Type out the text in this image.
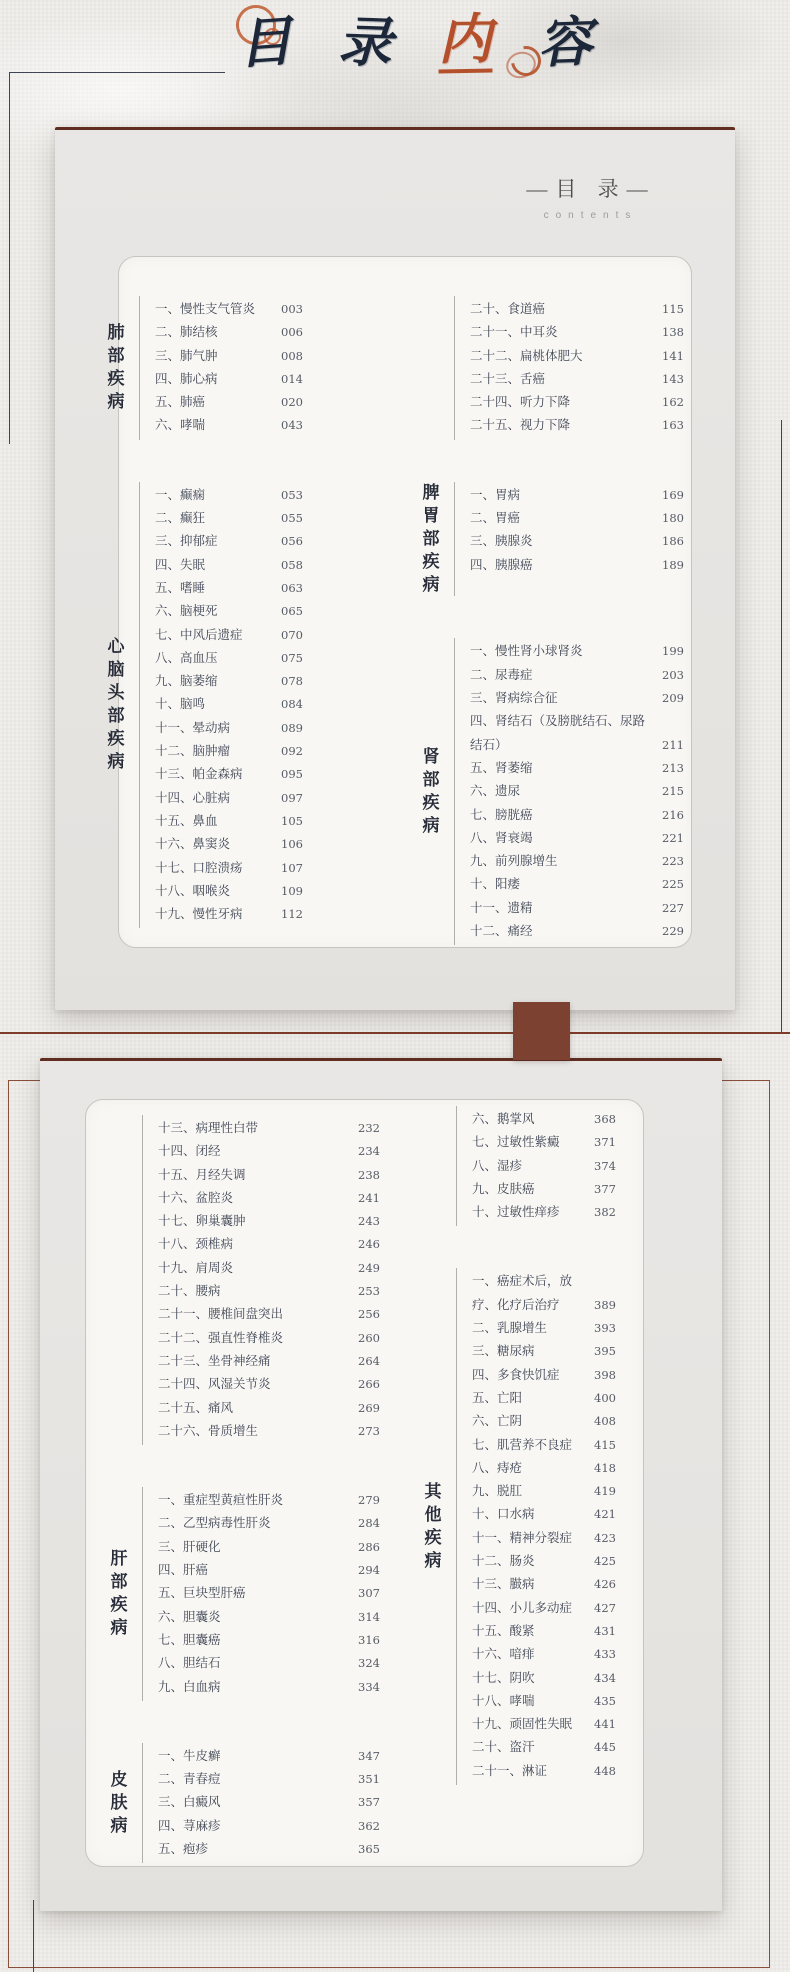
目 录 内 容
—目 录—
contents
肺部疾病
一、慢性支气管炎	003
二、肺结核	006
三、肺气肿	008
四、肺心病	014
五、肺癌	020
六、哮喘	043
心脑头部疾病
一、癫痫	053
二、癫狂	055
三、抑郁症	056
四、失眠	058
五、嗜睡	063
六、脑梗死	065
七、中风后遗症	070
八、高血压	075
九、脑萎缩	078
十、脑鸣	084
十一、晕动病	089
十二、脑肿瘤	092
十三、帕金森病	095
十四、心脏病	097
十五、鼻血	105
十六、鼻窦炎	106
十七、口腔溃疡	107
十八、咽喉炎	109
十九、慢性牙病	112
二十、食道癌	115
二十一、中耳炎	138
二十二、扁桃体肥大	141
二十三、舌癌	143
二十四、听力下降	162
二十五、视力下降	163
脾胃部疾病
一、胃病	169
二、胃癌	180
三、胰腺炎	186
四、胰腺癌	189
肾部疾病
一、慢性肾小球肾炎	199
二、尿毒症	203
三、肾病综合征	209
四、肾结石（及膀胱结石、尿路结石）	211
五、肾萎缩	213
六、遗尿	215
七、膀胱癌	216
八、肾衰竭	221
九、前列腺增生	223
十、阳痿	225
十一、遗精	227
十二、痛经	229
十三、病理性白带	232
十四、闭经	234
十五、月经失调	238
十六、盆腔炎	241
十七、卵巢囊肿	243
十八、颈椎病	246
十九、肩周炎	249
二十、腰病	253
二十一、腰椎间盘突出	256
二十二、强直性脊椎炎	260
二十三、坐骨神经痛	264
二十四、风湿关节炎	266
二十五、痛风	269
二十六、骨质增生	273
肝部疾病
一、重症型黄疸性肝炎	279
二、乙型病毒性肝炎	284
三、肝硬化	286
四、肝癌	294
五、巨块型肝癌	307
六、胆囊炎	314
七、胆囊癌	316
八、胆结石	324
九、白血病	334
皮肤病
一、牛皮癣	347
二、青春痘	351
三、白癜风	357
四、荨麻疹	362
五、疱疹	365
六、鹅掌风	368
七、过敏性紫癜	371
八、湿疹	374
九、皮肤癌	377
十、过敏性痒疹	382
其他疾病
一、癌症术后，放疗、化疗后治疗	389
二、乳腺增生	393
三、糖尿病	395
四、多食快饥症	398
五、亡阳	400
六、亡阴	408
七、肌营养不良症	415
八、痔疮	418
九、脱肛	419
十、口水病	421
十一、精神分裂症	423
十二、肠炎	425
十三、臌病	426
十四、小儿多动症	427
十五、酸紧	431
十六、喑痱	433
十七、阴吹	434
十八、哮喘	435
十九、顽固性失眠	441
二十、盗汗	445
二十一、淋证	448
